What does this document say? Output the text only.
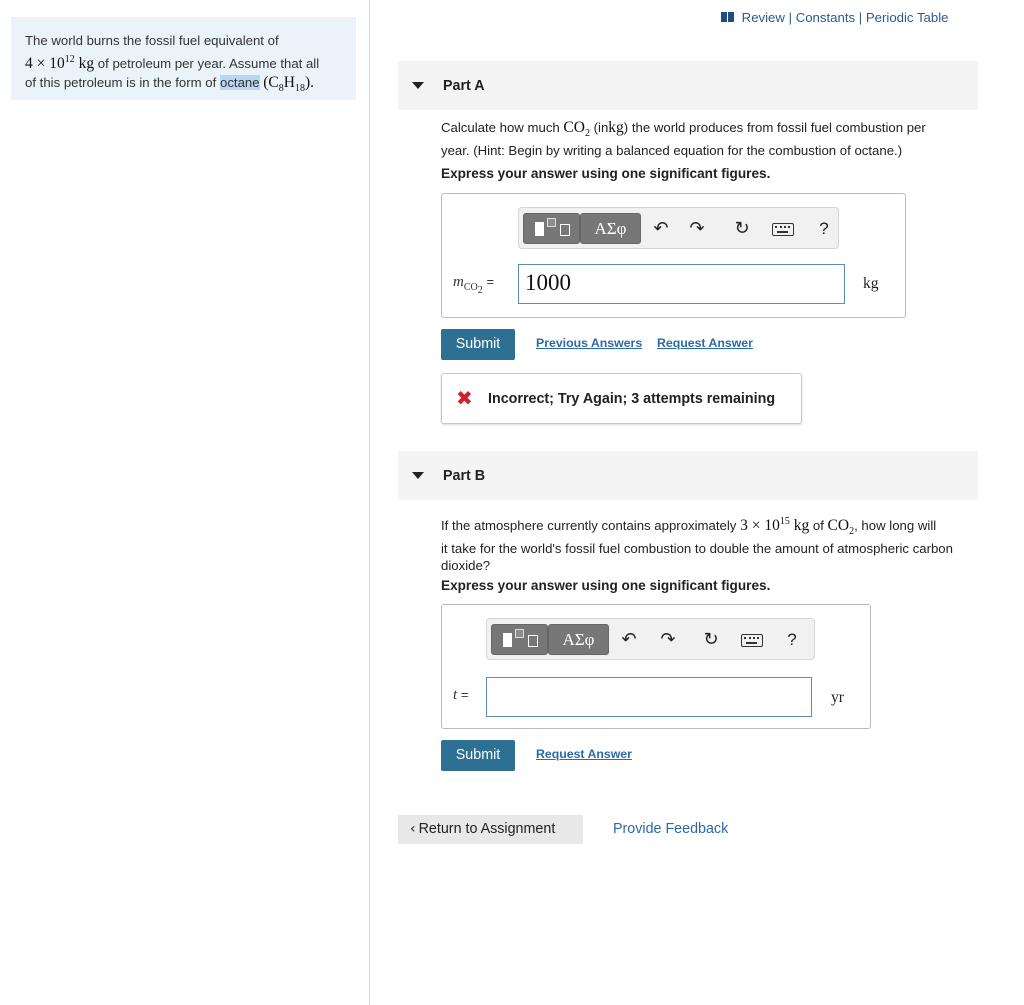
The world burns the fossil fuel equivalent of
$4 \times 10^{12}$ kg of petroleum per year. Assume that all
of this petroleum is in the form of octane $(C_8H_{18})$.
Review | Constants | Periodic Table
Part A
Calculate how much $CO_2$ (inkg) the world produces from fossil fuel combustion per
year. (Hint: Begin by writing a balanced equation for the combustion of octane.)
Express your answer using one significant figures.
ΑΣφ	↶ ↷ ↻	?
$m_{CO_2}$ =	1000	kg
Submit	Previous Answers Request Answer
✖ Incorrect; Try Again; 3 attempts remaining
Part B
If the atmosphere currently contains approximately $3 \times 10^{15}$ kg of $CO_2$, how long will
it take for the world's fossil fuel combustion to double the amount of atmospheric carbon
dioxide?
Express your answer using one significant figures.
ΑΣφ	↶ ↷ ↻	?
t =	yr
Submit	Request Answer
‹ Return to Assignment	Provide Feedback
